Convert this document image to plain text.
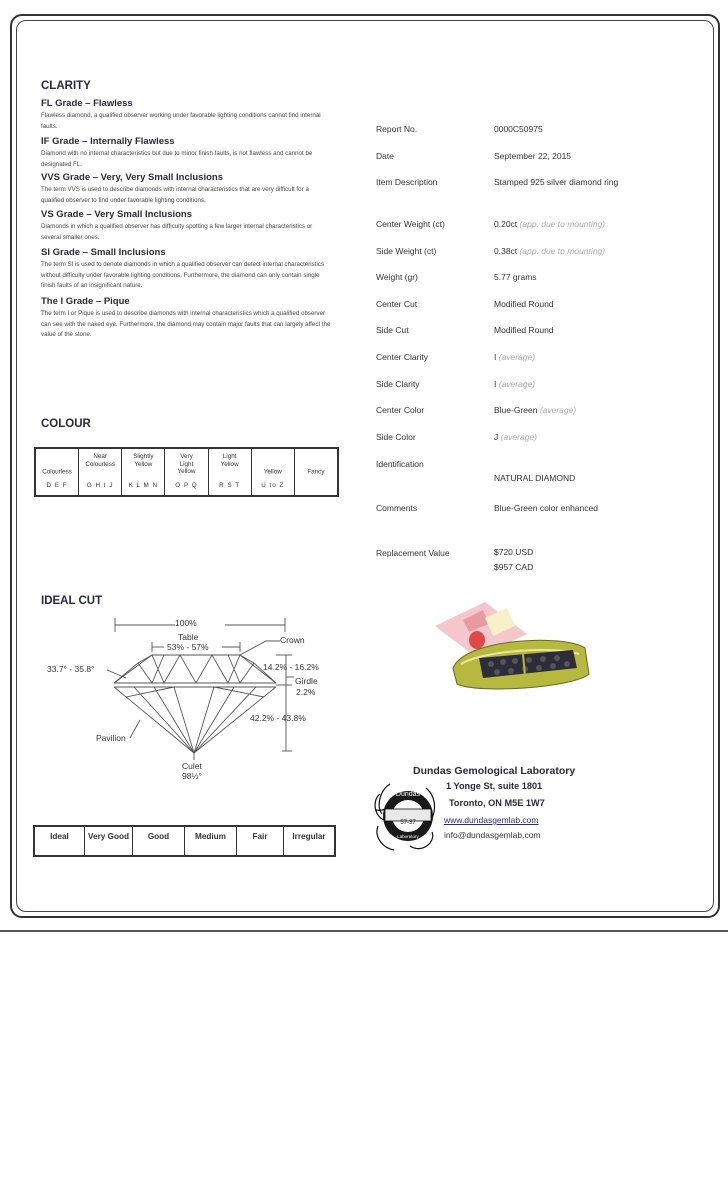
CLARITY
FL Grade – Flawless
Flawless diamond, a qualified observer working under favorable lighting conditions cannot find internal faults.
IF Grade – Internally Flawless
Diamond with no internal characteristics but due to minor finish faults, is not flawless and cannot be designated FL.
VVS Grade – Very, Very Small Inclusions
The term VVS is used to describe diamonds with internal characteristics that are very difficult for a qualified observer to find under favorable lighting conditions.
VS Grade – Very Small Inclusions
Diamonds in which a qualified observer has difficulty spotting a few larger internal characteristics or several smaller ones.
SI Grade – Small Inclusions
The term SI is used to denote diamonds in which a qualified observer can detect internal characteristics without difficulty under favorable lighting conditions. Furthermore, the diamond can only contain single finish faults of an insignificant nature.
The I Grade – Pique
The term I or Pique is used to describe diamonds with internal characteristics which a qualified observer can see with the naked eye. Furthermore, the diamond may contain major faults that can largely affect the value of the stone.
COLOUR
Colourless
D E F
Near Colourless
G H I J
Slightly Yellow
K L M N
Very Light Yellow
O P Q
Light Yellow
R S T
Yellow
U to Z
Fancy
IDEAL CUT
100%
Table
53% - 57%
Crown
33.7° - 35.8°	14.2% - 16.2%
Girdle
2.2%
42.2% - 43.8%
Pavilion
Culet
98½°
Ideal	Very Good	Good	Medium	Fair	Irregular
Report No.	0000C50975
Date	September 22, 2015
Item Description	Stamped 925 silver diamond ring
Center Weight (ct)	0.20ct (app. due to mounting)
Side Weight (ct)	0.38ct (app. due to mounting)
Weight (gr)	5.77 grams
Center Cut	Modified Round
Side Cut	Modified Round
Center Clarity	I (average)
Side Clarity	I (average)
Center Color	Blue-Green (average)
Side Color	J (average)
Identification
NATURAL DIAMOND
Comments	Blue-Green color enhanced
Replacement Value	$720 USD
$957 CAD
Dundas
57-37
Laboratory
Dundas Gemological Laboratory
1 Yonge St, suite 1801
Toronto, ON M5E 1W7
www.dundasgemlab.com
info@dundasgemlab.com
